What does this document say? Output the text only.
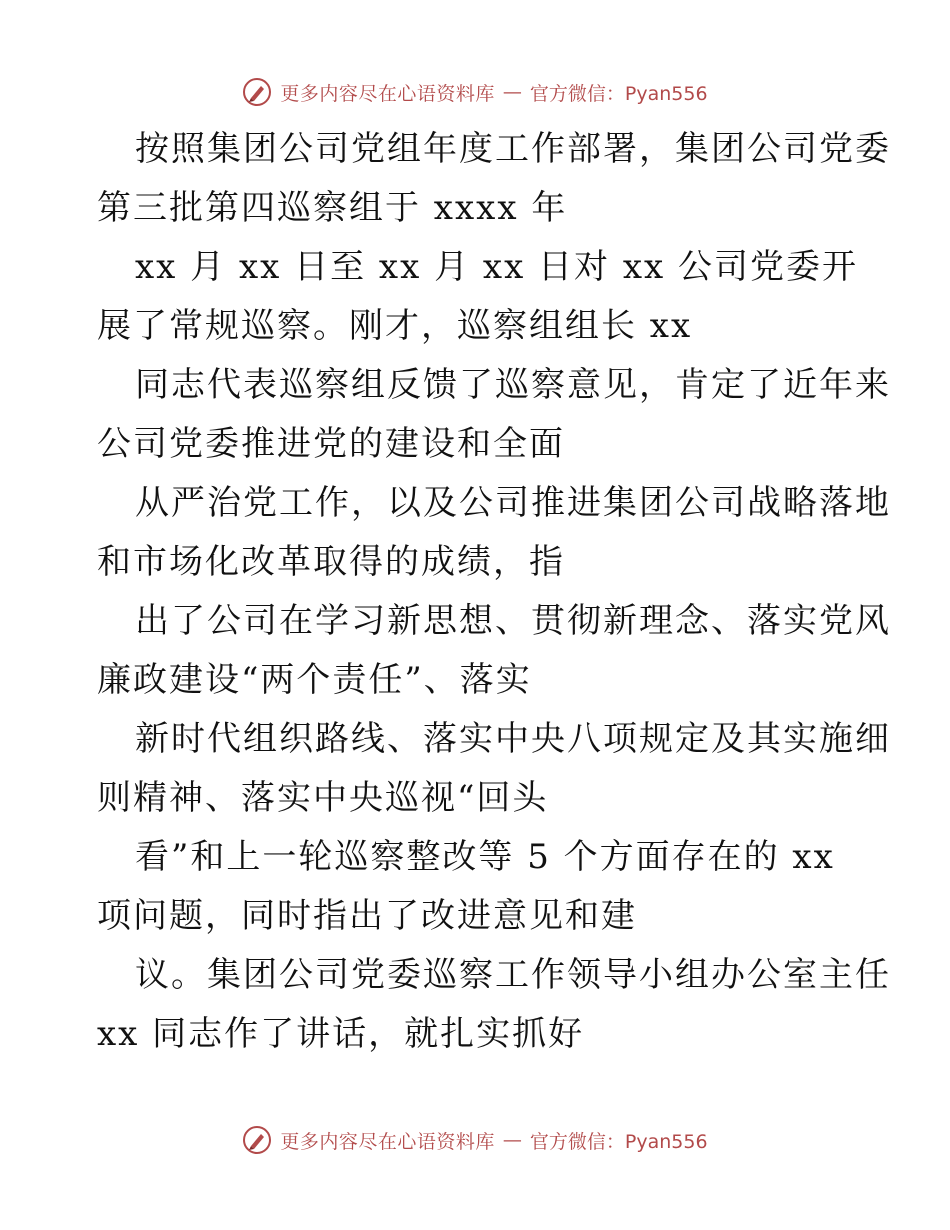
更多内容尽在心语资料库 — 官方微信：Pyan556
按照集团公司党组年度工作部署，集团公司党委
第三批第四巡察组于 xxxx 年
xx 月 xx 日至 xx 月 xx 日对 xx 公司党委开
展了常规巡察。刚才，巡察组组长 xx
同志代表巡察组反馈了巡察意见，肯定了近年来
公司党委推进党的建设和全面
从严治党工作，以及公司推进集团公司战略落地
和市场化改革取得的成绩，指
出了公司在学习新思想、贯彻新理念、落实党风
廉政建设“两个责任”、落实
新时代组织路线、落实中央八项规定及其实施细
则精神、落实中央巡视“回头
看”和上一轮巡察整改等 5 个方面存在的 xx
项问题，同时指出了改进意见和建
议。集团公司党委巡察工作领导小组办公室主任
xx 同志作了讲话，就扎实抓好
更多内容尽在心语资料库 — 官方微信：Pyan556
